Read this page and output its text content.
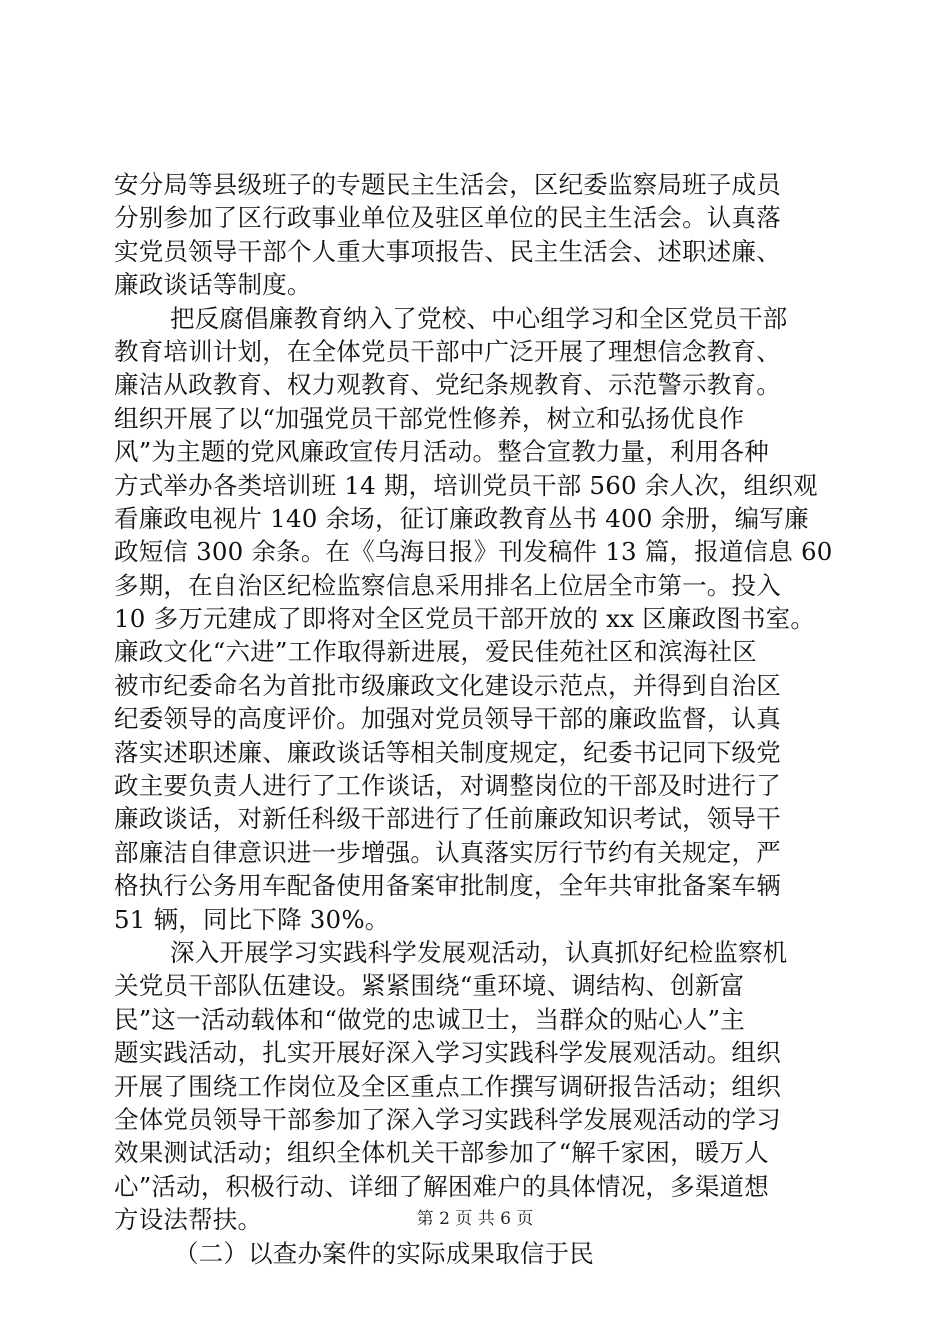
安分局等县级班子的专题民主生活会，区纪委监察局班子成员
分别参加了区行政事业单位及驻区单位的民主生活会。认真落
实党员领导干部个人重大事项报告、民主生活会、述职述廉、
廉政谈话等制度。
把反腐倡廉教育纳入了党校、中心组学习和全区党员干部
教育培训计划，在全体党员干部中广泛开展了理想信念教育、
廉洁从政教育、权力观教育、党纪条规教育、示范警示教育。
组织开展了以“加强党员干部党性修养，树立和弘扬优良作
风”为主题的党风廉政宣传月活动。整合宣教力量，利用各种
方式举办各类培训班 14 期，培训党员干部 560 余人次，组织观
看廉政电视片 140 余场，征订廉政教育丛书 400 余册，编写廉
政短信 300 余条。在《乌海日报》刊发稿件 13 篇，报道信息 60
多期，在自治区纪检监察信息采用排名上位居全市第一。投入
10 多万元建成了即将对全区党员干部开放的 xx 区廉政图书室。
廉政文化“六进”工作取得新进展，爱民佳苑社区和滨海社区
被市纪委命名为首批市级廉政文化建设示范点，并得到自治区
纪委领导的高度评价。加强对党员领导干部的廉政监督，认真
落实述职述廉、廉政谈话等相关制度规定，纪委书记同下级党
政主要负责人进行了工作谈话，对调整岗位的干部及时进行了
廉政谈话，对新任科级干部进行了任前廉政知识考试，领导干
部廉洁自律意识进一步增强。认真落实厉行节约有关规定，严
格执行公务用车配备使用备案审批制度，全年共审批备案车辆
51 辆，同比下降 30%。
深入开展学习实践科学发展观活动，认真抓好纪检监察机
关党员干部队伍建设。紧紧围绕“重环境、调结构、创新富
民”这一活动载体和“做党的忠诚卫士，当群众的贴心人”主
题实践活动，扎实开展好深入学习实践科学发展观活动。组织
开展了围绕工作岗位及全区重点工作撰写调研报告活动；组织
全体党员领导干部参加了深入学习实践科学发展观活动的学习
效果测试活动；组织全体机关干部参加了“解千家困，暖万人
心”活动，积极行动、详细了解困难户的具体情况，多渠道想
方设法帮扶。
（二）以查办案件的实际成果取信于民
第 2 页 共 6 页
